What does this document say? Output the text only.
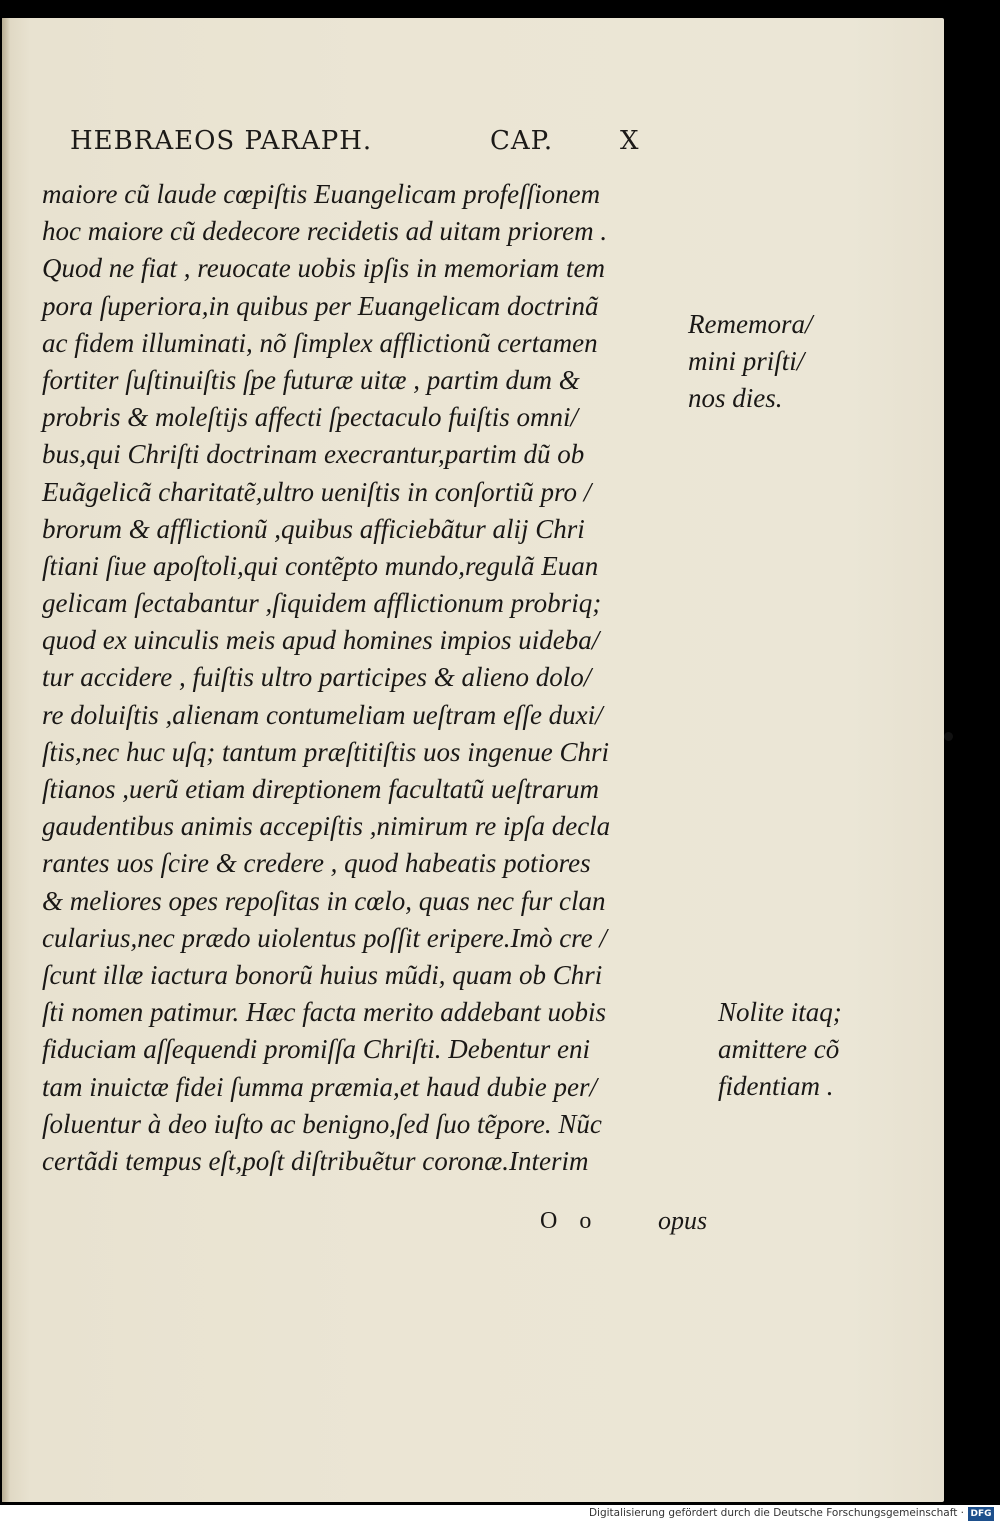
HEBRAEOS PARAPH.	CAP.	X
maiore cũ laude cœpiſtis Euangelicam profeſſionem
hoc maiore cũ dedecore recidetis ad uitam priorem .
Quod ne fiat , reuocate uobis ipſis in memoriam tem
pora ſuperiora,in quibus per Euangelicam doctrinã
ac fidem illuminati, nõ ſimplex afflictionũ certamen
fortiter ſuſtinuiſtis ſpe futuræ uitæ , partim dum &
probris & moleſtijs affecti ſpectaculo fuiſtis omni/
bus,qui Chriſti doctrinam execrantur,partim dũ ob
Euãgelicã charitatẽ,ultro ueniſtis in conſortiũ pro /
brorum & afflictionũ ,quibus afficiebãtur alij Chri
ſtiani ſiue apoſtoli,qui contẽpto mundo,regulã Euan
gelicam ſectabantur ,ſiquidem afflictionum probriq;
quod ex uinculis meis apud homines impios uideba/
tur accidere , fuiſtis ultro participes & alieno dolo/
re doluiſtis ,alienam contumeliam ueſtram eſſe duxi/
ſtis,nec huc uſq; tantum præſtitiſtis uos ingenue Chri
ſtianos ,uerũ etiam direptionem facultatũ ueſtrarum
gaudentibus animis accepiſtis ,nimirum re ipſa decla
rantes uos ſcire & credere , quod habeatis potiores
& meliores opes repoſitas in cœlo, quas nec fur clan
cularius,nec prædo uiolentus poſſit eripere.Imò cre /
ſcunt illæ iactura bonorũ huius mũdi, quam ob Chri
ſti nomen patimur. Hæc facta merito addebant uobis
fiduciam aſſequendi promiſſa Chriſti. Debentur eni
tam inuictæ fidei ſumma præmia,et haud dubie per/
ſoluentur à deo iuſto ac benigno,ſed ſuo tẽpore. Nũc
certãdi tempus eſt,poſt diſtribuẽtur coronæ.Interim
Rememora/
mini priſti/
nos dies.
Nolite itaq;
amittere cõ
fidentiam .
O o opus
Digitalisierung gefördert durch die Deutsche Forschungsgemeinschaft · DFG
